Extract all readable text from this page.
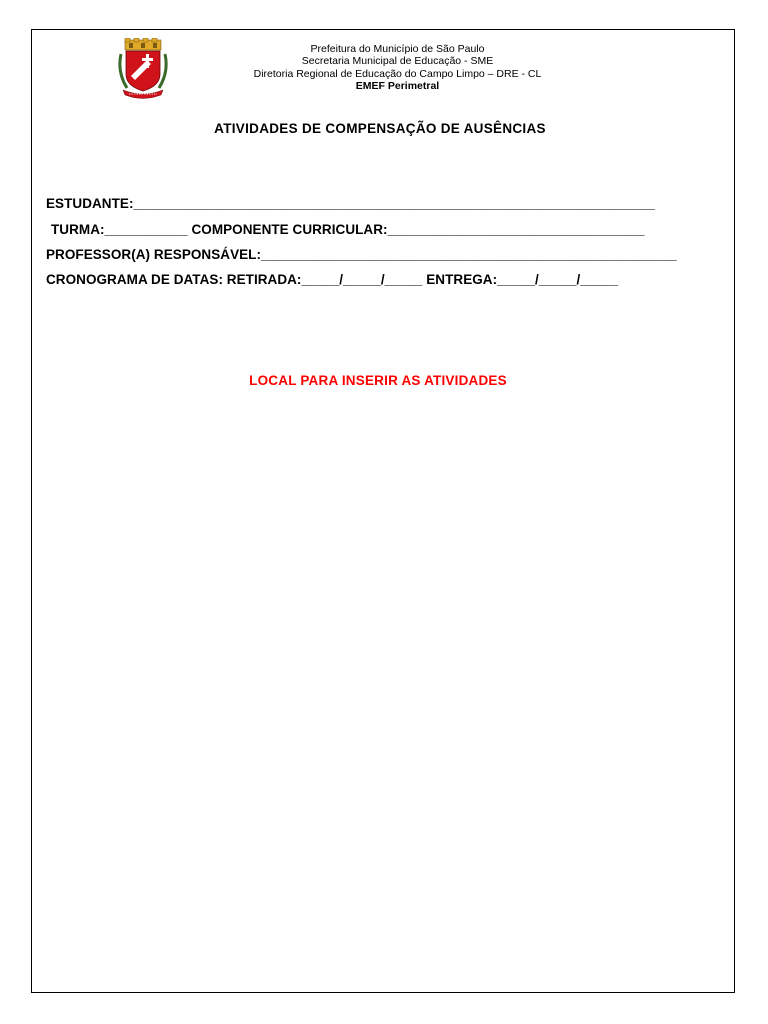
Prefeitura do Município de São Paulo
Secretaria Municipal de Educação - SME
Diretoria Regional de Educação do Campo Limpo – DRE - CL
EMEF Perimetral
ATIVIDADES DE COMPENSAÇÃO DE AUSÊNCIAS
ESTUDANTE:_____________________________________________________________________
TURMA:___________ COMPONENTE CURRICULAR:__________________________________
PROFESSOR(A) RESPONSÁVEL:_______________________________________________________
CRONOGRAMA DE DATAS: RETIRADA:_____/_____/_____ ENTREGA:_____/_____/_____
LOCAL PARA INSERIR AS ATIVIDADES
